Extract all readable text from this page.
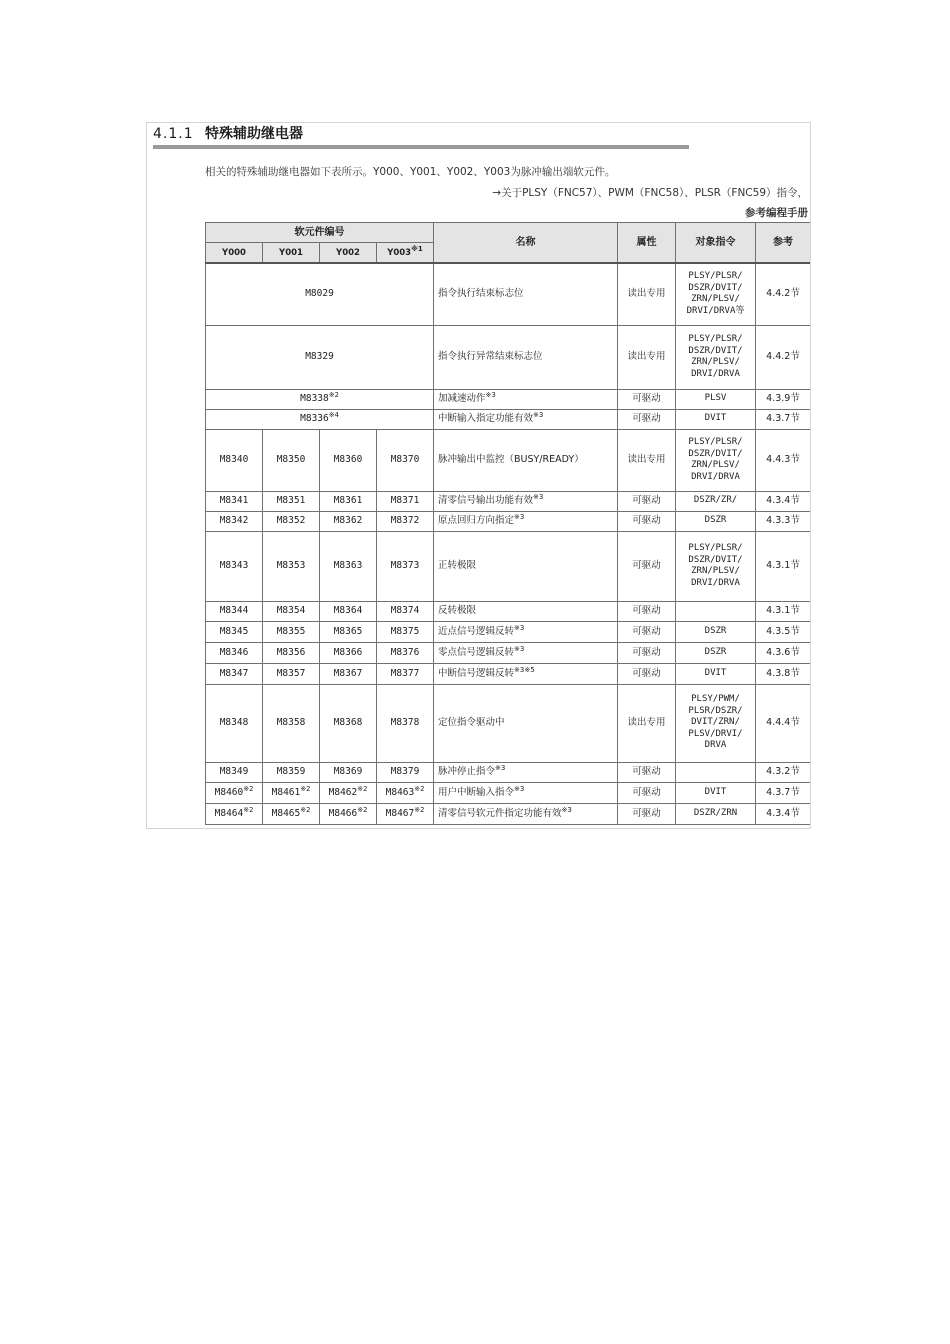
4.1.1 特殊辅助继电器
相关的特殊辅助继电器如下表所示。Y000、Y001、Y002、Y003为脉冲输出端软元件。
→关于PLSY（FNC57）、PWM（FNC58）、PLSR（FNC59）指令，
参考编程手册
软元件编号				名称	属性	对象指令	参考
Y000	Y001	Y002	Y003$^{※1}$
M8029				指令执行结束标志位	读出专用	PLSY/PLSR/ DSZR/DVIT/ ZRN/PLSV/ DRVI/DRVA等	4.4.2节
M8329				指令执行异常结束标志位	读出专用	PLSY/PLSR/ DSZR/DVIT/ ZRN/PLSV/ DRVI/DRVA	4.4.2节
M8338$^{※2}$				加减速动作$^{※3}$	可驱动	PLSV	4.3.9节
M8336$^{※4}$				中断输入指定功能有效$^{※3}$	可驱动	DVIT	4.3.7节
M8340	M8350	M8360	M8370	脉冲输出中监控（BUSY/READY）	读出专用	PLSY/PLSR/ DSZR/DVIT/ ZRN/PLSV/ DRVI/DRVA	4.4.3节
M8341	M8351	M8361	M8371	清零信号输出功能有效$^{※3}$	可驱动	DSZR/ZR/	4.3.4节
M8342	M8352	M8362	M8372	原点回归方向指定$^{※3}$	可驱动	DSZR	4.3.3节
M8343	M8353	M8363	M8373	正转极限	可驱动	PLSY/PLSR/ DSZR/DVIT/ ZRN/PLSV/ DRVI/DRVA	4.3.1节
M8344	M8354	M8364	M8374	反转极限	可驱动		4.3.1节
M8345	M8355	M8365	M8375	近点信号逻辑反转$^{※3}$	可驱动	DSZR	4.3.5节
M8346	M8356	M8366	M8376	零点信号逻辑反转$^{※3}$	可驱动	DSZR	4.3.6节
M8347	M8357	M8367	M8377	中断信号逻辑反转$^{※3※5}$	可驱动	DVIT	4.3.8节
M8348	M8358	M8368	M8378	定位指令驱动中	读出专用	PLSY/PWM/ PLSR/DSZR/ DVIT/ZRN/ PLSV/DRVI/ DRVA	4.4.4节
M8349	M8359	M8369	M8379	脉冲停止指令$^{※3}$	可驱动		4.3.2节
M8460$^{※2}$	M8461$^{※2}$	M8462$^{※2}$	M8463$^{※2}$	用户中断输入指令$^{※3}$	可驱动	DVIT	4.3.7节
M8464$^{※2}$	M8465$^{※2}$	M8466$^{※2}$	M8467$^{※2}$	清零信号软元件指定功能有效$^{※3}$	可驱动	DSZR/ZRN	4.3.4节
